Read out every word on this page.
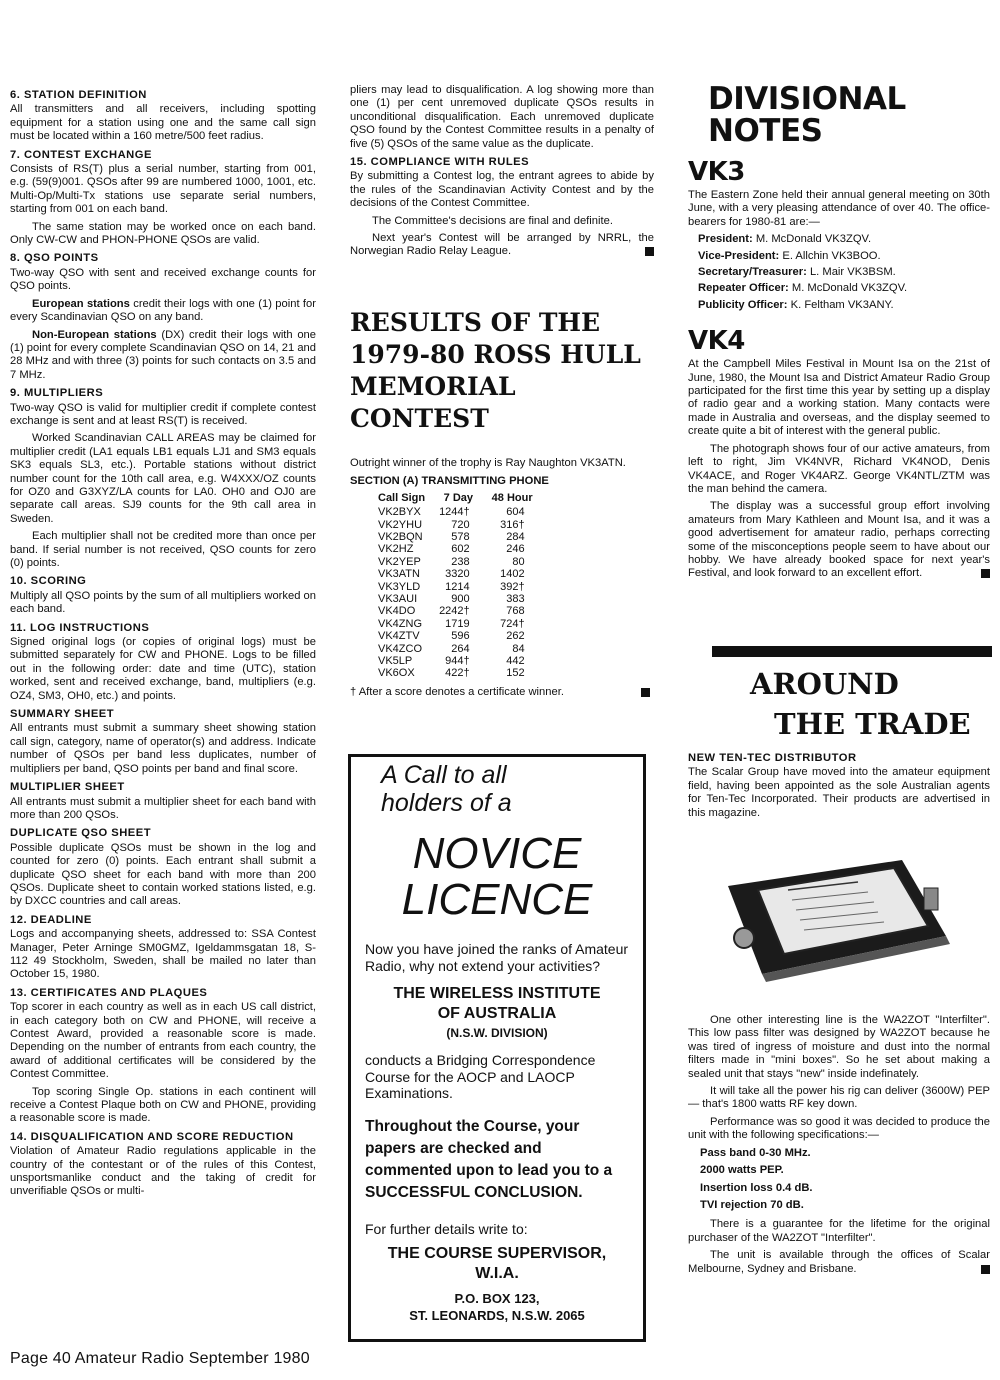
6. STATION DEFINITION

All transmitters and all receivers, including spotting equipment for a station using one and the same call sign must be located within a 160 metre/500 feet radius.

7. CONTEST EXCHANGE

Consists of RS(T) plus a serial number, starting from 001, e.g. (59(9)001. QSOs after 99 are numbered 1000, 1001, etc. Multi-Op/Multi-Tx stations use separate serial numbers, starting from 001 on each band.

The same station may be worked once on each band. Only CW-CW and PHON-PHONE QSOs are valid.

8. QSO POINTS

Two-way QSO with sent and received exchange counts for QSO points.

European stations credit their logs with one (1) point for every Scandinavian QSO on any band.

Non-European stations (DX) credit their logs with one (1) point for every complete Scandinavian QSO on 14, 21 and 28 MHz and with three (3) points for such contacts on 3.5 and 7 MHz.

9. MULTIPLIERS

Two-way QSO is valid for multiplier credit if complete contest exchange is sent and at least RS(T) is received.

Worked Scandinavian CALL AREAS may be claimed for multiplier credit (LA1 equals LB1 equals LJ1 and SM3 equals SK3 equals SL3, etc.). Portable stations without district number count for the 10th call area, e.g. W4XXX/OZ counts for OZ0 and G3XYZ/LA counts for LA0. OH0 and OJ0 are separate call areas. SJ9 counts for the 9th call area in Sweden.

Each multiplier shall not be credited more than once per band. If serial number is not received, QSO counts for zero (0) points.

10. SCORING

Multiply all QSO points by the sum of all multipliers worked on each band.

11. LOG INSTRUCTIONS

Signed original logs (or copies of original logs) must be submitted separately for CW and PHONE. Logs to be filled out in the following order: date and time (UTC), station worked, sent and received exchange, band, multipliers (e.g. OZ4, SM3, OH0, etc.) and points.

SUMMARY SHEET

All entrants must submit a summary sheet showing station call sign, category, name of operator(s) and address. Indicate number of QSOs per band less duplicates, number of multipliers per band, QSO points per band and final score.

MULTIPLIER SHEET

All entrants must submit a multiplier sheet for each band with more than 200 QSOs.

DUPLICATE QSO SHEET

Possible duplicate QSOs must be shown in the log and counted for zero (0) points. Each entrant shall submit a duplicate QSO sheet for each band with more than 200 QSOs. Duplicate sheet to contain worked stations listed, e.g. by DXCC countries and call areas.

12. DEADLINE

Logs and accompanying sheets, addressed to: SSA Contest Manager, Peter Arninge SM0GMZ, Igeldammsgatan 18, S-112 49 Stockholm, Sweden, shall be mailed no later than October 15, 1980.

13. CERTIFICATES AND PLAQUES

Top scorer in each country as well as in each US call district, in each category both on CW and PHONE, will receive a Contest Award, provided a reasonable score is made. Depending on the number of entrants from each country, the award of additional certificates will be considered by the Contest Committee.

Top scoring Single Op. stations in each continent will receive a Contest Plaque both on CW and PHONE, providing a reasonable score is made.

14. DISQUALIFICATION AND SCORE REDUCTION

Violation of Amateur Radio regulations applicable in the country of the contestant or of the rules of this Contest, unsportsmanlike conduct and the taking of credit for unverifiable QSOs or multi-

pliers may lead to disqualification. A log showing more than one (1) per cent unremoved duplicate QSOs results in unconditional disqualification. Each unremoved duplicate QSO found by the Contest Committee results in a penalty of five (5) QSOs of the same value as the duplicate.

15. COMPLIANCE WITH RULES

By submitting a Contest log, the entrant agrees to abide by the rules of the Scandinavian Activity Contest and by the decisions of the Contest Committee.

The Committee's decisions are final and definite.

Next year's Contest will be arranged by NRRL, the Norwegian Radio Relay League.

RESULTS OF THE
1979-80 ROSS HULL
MEMORIAL CONTEST

Outright winner of the trophy is Ray Naughton VK3ATN.

SECTION (A) TRANSMITTING PHONE
Call Sign	7 Day	48 Hour
VK2BYX	1244†	604
VK2YHU	720	316†
VK2BQN	578	284
VK2HZ	602	246
VK2YEP	238	80
VK3ATN	3320	1402
VK3YLD	1214	392†
VK3AUI	900	383
VK4DO	2242†	768
VK4ZNG	1719	724†
VK4ZTV	596	262
VK4ZCO	264	84
VK5LP	944†	442
VK6OX	422†	152

† After a score denotes a certificate winner.

A Call to all
holders of a
NOVICE
LICENCE

Now you have joined the ranks of Amateur Radio, why not extend your activities?

THE WIRELESS INSTITUTE
OF AUSTRALIA
(N.S.W. DIVISION)

conducts a Bridging Correspondence Course for the AOCP and LAOCP Examinations.

Throughout the Course, your papers are checked and commented upon to lead you to a SUCCESSFUL CONCLUSION.

For further details write to:

THE COURSE SUPERVISOR,
W.I.A.
P.O. BOX 123,
ST. LEONARDS, N.S.W. 2065
DIVISIONAL
NOTES
VK3

The Eastern Zone held their annual general meeting on 30th June, with a very pleasing attendance of over 40. The office-bearers for 1980-81 are:—

President: M. McDonald VK3ZQV.
Vice-President: E. Allchin VK3BOO.
Secretary/Treasurer: L. Mair VK3BSM.
Repeater Officer: M. McDonald VK3ZQV.
Publicity Officer: K. Feltham VK3ANY.
VK4

At the Campbell Miles Festival in Mount Isa on the 21st of June, 1980, the Mount Isa and District Amateur Radio Group participated for the first time this year by setting up a display of radio gear and a working station. Many contacts were made in Australia and overseas, and the display seemed to create quite a bit of interest with the general public.

The photograph shows four of our active amateurs, from left to right, Jim VK4NVR, Richard VK4NOD, Denis VK4ACE, and Roger VK4ARZ. George VK4NTL/ZTM was the man behind the camera.

The display was a successful group effort involving amateurs from Mary Kathleen and Mount Isa, and it was a good advertisement for amateur radio, perhaps correcting some of the misconceptions people seem to have about our hobby. We have already booked space for next year's Festival, and look forward to an excellent effort.

AROUND
THE TRADE
NEW TEN-TEC DISTRIBUTOR

The Scalar Group have moved into the amateur equipment field, having been appointed as the sole Australian agents for Ten-Tec Incorporated. Their products are advertised in this magazine.

One other interesting line is the WA2ZOT "Interfilter". This low pass filter was designed by WA2ZOT because he was tired of ingress of moisture and dust into the normal filters made in "mini boxes". So he set about making a sealed unit that stays "new" inside indefinately.

It will take all the power his rig can deliver (3600W) PEP — that's 1800 watts RF key down.

Performance was so good it was decided to produce the unit with the following specifications:—

Pass band 0-30 MHz.
2000 watts PEP.
Insertion loss 0.4 dB.
TVI rejection 70 dB.

There is a guarantee for the lifetime for the original purchaser of the WA2ZOT "Interfilter".

The unit is available through the offices of Scalar Melbourne, Sydney and Brisbane.

Page 40 Amateur Radio September 1980
